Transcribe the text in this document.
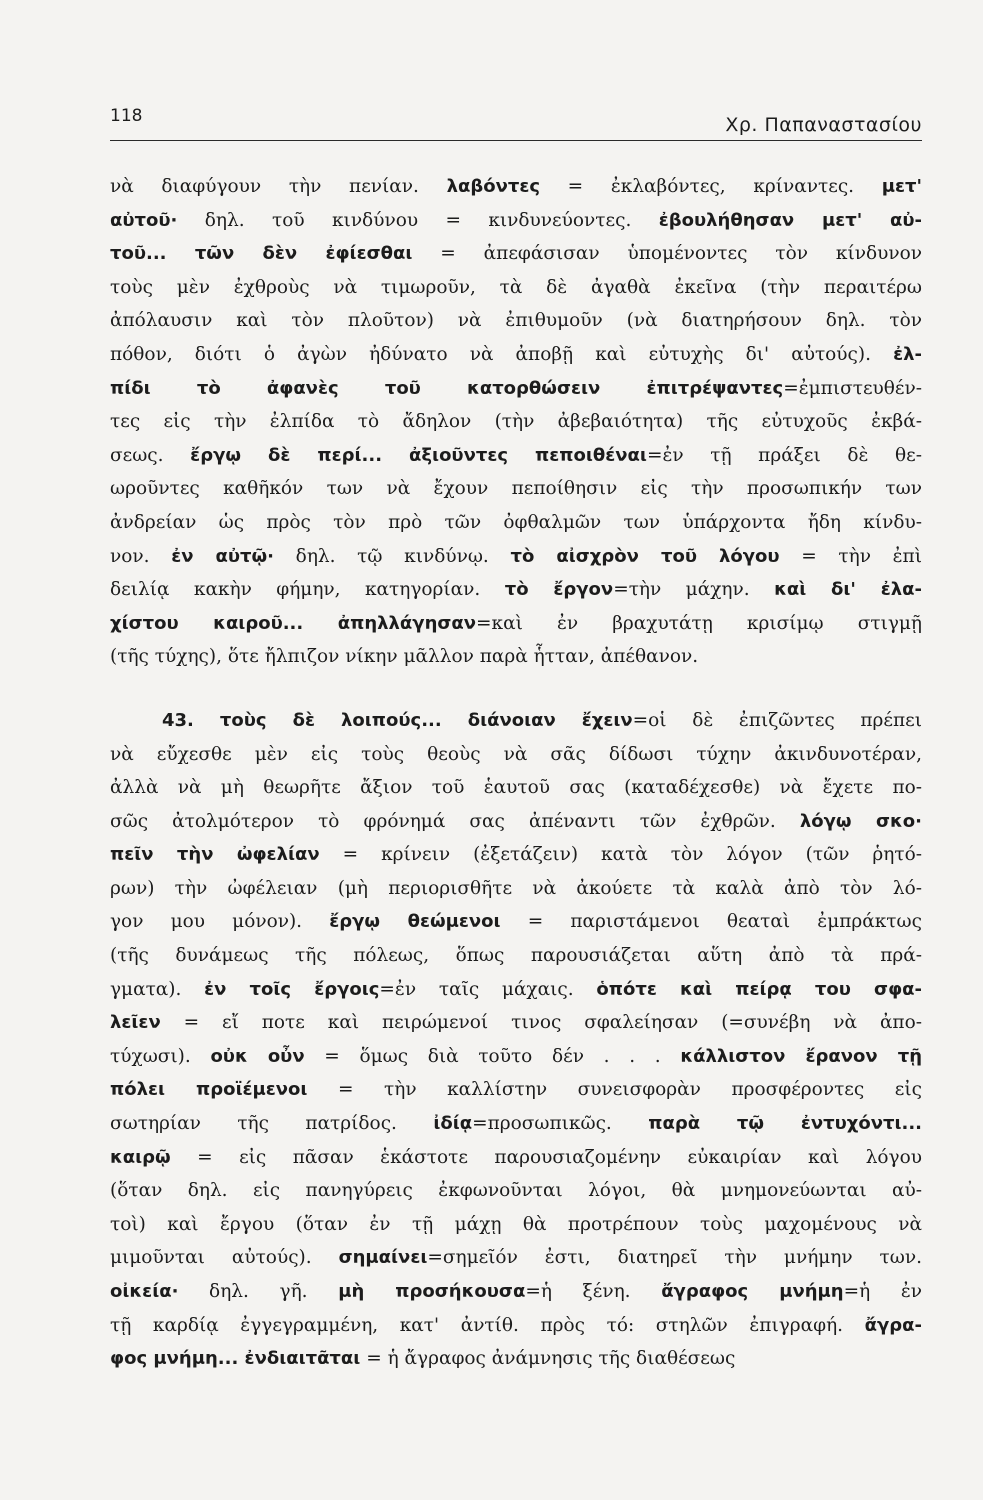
118	Χρ. Παπαναστασίου
νὰ διαφύγουν τὴν πενίαν. λαβόντες = ἐκλαβόντες, κρίναντες. μετ'
αὐτοῦ· δηλ. τοῦ κινδύνου = κινδυνεύοντες. ἐβουλήθησαν μετ' αὐ-
τοῦ... τῶν δὲν ἐφίεσθαι = ἀπεφάσισαν ὑπομένοντες τὸν κίνδυνον
τοὺς μὲν ἐχθροὺς νὰ τιμωροῦν, τὰ δὲ ἀγαθὰ ἐκεῖνα (τὴν περαιτέρω
ἀπόλαυσιν καὶ τὸν πλοῦτον) νὰ ἐπιθυμοῦν (νὰ διατηρήσουν δηλ. τὸν
πόθον, διότι ὁ ἀγὼν ἠδύνατο νὰ ἀποβῇ καὶ εὐτυχὴς δι' αὐτούς). ἐλ-
πίδι τὸ ἀφανὲς τοῦ κατορθώσειν ἐπιτρέψαντες=ἐμπιστευθέν-
τες εἰς τὴν ἐλπίδα τὸ ἄδηλον (τὴν ἀβεβαιότητα) τῆς εὐτυχοῦς ἐκβά-
σεως. ἔργῳ δὲ περί... ἀξιοῦντες πεποιθέναι=ἐν τῇ πράξει δὲ θε-
ωροῦντες καθῆκόν των νὰ ἔχουν πεποίθησιν εἰς τὴν προσωπικήν των
ἀνδρείαν ὡς πρὸς τὸν πρὸ τῶν ὀφθαλμῶν των ὑπάρχοντα ἤδη κίνδυ-
νον. ἐν αὐτῷ· δηλ. τῷ κινδύνῳ. τὸ αἰσχρὸν τοῦ λόγου = τὴν ἐπὶ
δειλίᾳ κακὴν φήμην, κατηγορίαν. τὸ ἔργον=τὴν μάχην. καὶ δι' ἐλα-
χίστου καιροῦ... ἀπηλλάγησαν=καὶ ἐν βραχυτάτῃ κρισίμῳ στιγμῇ
(τῆς τύχης), ὅτε ἤλπιζον νίκην μᾶλλον παρὰ ἧτταν, ἀπέθανον.
43. τοὺς δὲ λοιπούς... διάνοιαν ἔχειν=οἱ δὲ ἐπιζῶντες πρέπει
νὰ εὔχεσθε μὲν εἰς τοὺς θεοὺς νὰ σᾶς δίδωσι τύχην ἀκινδυνοτέραν,
ἀλλὰ νὰ μὴ θεωρῆτε ἄξιον τοῦ ἑαυτοῦ σας (καταδέχεσθε) νὰ ἔχετε πο-
σῶς ἀτολμότερον τὸ φρόνημά σας ἀπέναντι τῶν ἐχθρῶν. λόγῳ σκο·
πεῖν τὴν ὠφελίαν = κρίνειν (ἐξετάζειν) κατὰ τὸν λόγον (τῶν ῥητό-
ρων) τὴν ὠφέλειαν (μὴ περιορισθῆτε νὰ ἀκούετε τὰ καλὰ ἀπὸ τὸν λό-
γον μου μόνον). ἔργῳ θεώμενοι = παριστάμενοι θεαταὶ ἐμπράκτως
(τῆς δυνάμεως τῆς πόλεως, ὅπως παρουσιάζεται αὕτη ἀπὸ τὰ πρά-
γματα). ἐν τοῖς ἔργοις=ἐν ταῖς μάχαις. ὁπότε καὶ πείρᾳ του σφα-
λεῖεν = εἴ ποτε καὶ πειρώμενοί τινος σφαλείησαν (=συνέβη νὰ ἀπο-
τύχωσι). οὐκ οὖν = ὅμως διὰ τοῦτο δέν . . . κάλλιστον ἔρανον τῇ
πόλει προϊέμενοι = τὴν καλλίστην συνεισφορὰν προσφέροντες εἰς
σωτηρίαν τῆς πατρίδος. ἰδίᾳ=προσωπικῶς. παρὰ τῷ ἐντυχόντι...
καιρῷ = εἰς πᾶσαν ἑκάστοτε παρουσιαζομένην εὐκαιρίαν καὶ λόγου
(ὅταν δηλ. εἰς πανηγύρεις ἐκφωνοῦνται λόγοι, θὰ μνημονεύωνται αὐ-
τοὶ) καὶ ἔργου (ὅταν ἐν τῇ μάχῃ θὰ προτρέπουν τοὺς μαχομένους νὰ
μιμοῦνται αὐτούς). σημαίνει=σημεῖόν ἐστι, διατηρεῖ τὴν μνήμην των.
οἰκεία· δηλ. γῆ. μὴ προσήκουσα=ἡ ξένη. ἄγραφος μνήμη=ἡ ἐν
τῇ καρδίᾳ ἐγγεγραμμένη, κατ' ἀντίθ. πρὸς τό: στηλῶν ἐπιγραφή. ἄγρα-
φος μνήμη... ἐνδιαιτᾶται = ἡ ἄγραφος ἀνάμνησις τῆς διαθέσεως
